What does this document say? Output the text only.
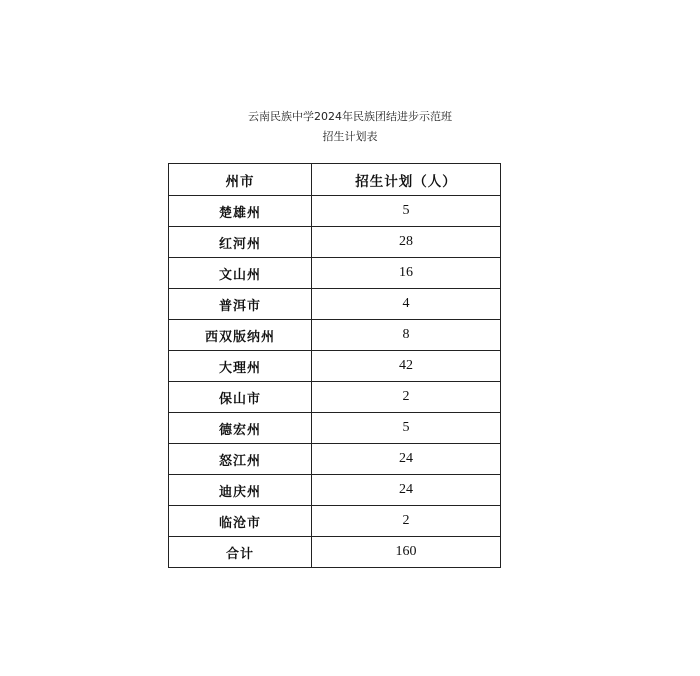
云南民族中学2024年民族团结进步示范班
招生计划表
州市	招生计划（人）
楚雄州	5
红河州	28
文山州	16
普洱市	4
西双版纳州	8
大理州	42
保山市	2
德宏州	5
怒江州	24
迪庆州	24
临沧市	2
合计	160
